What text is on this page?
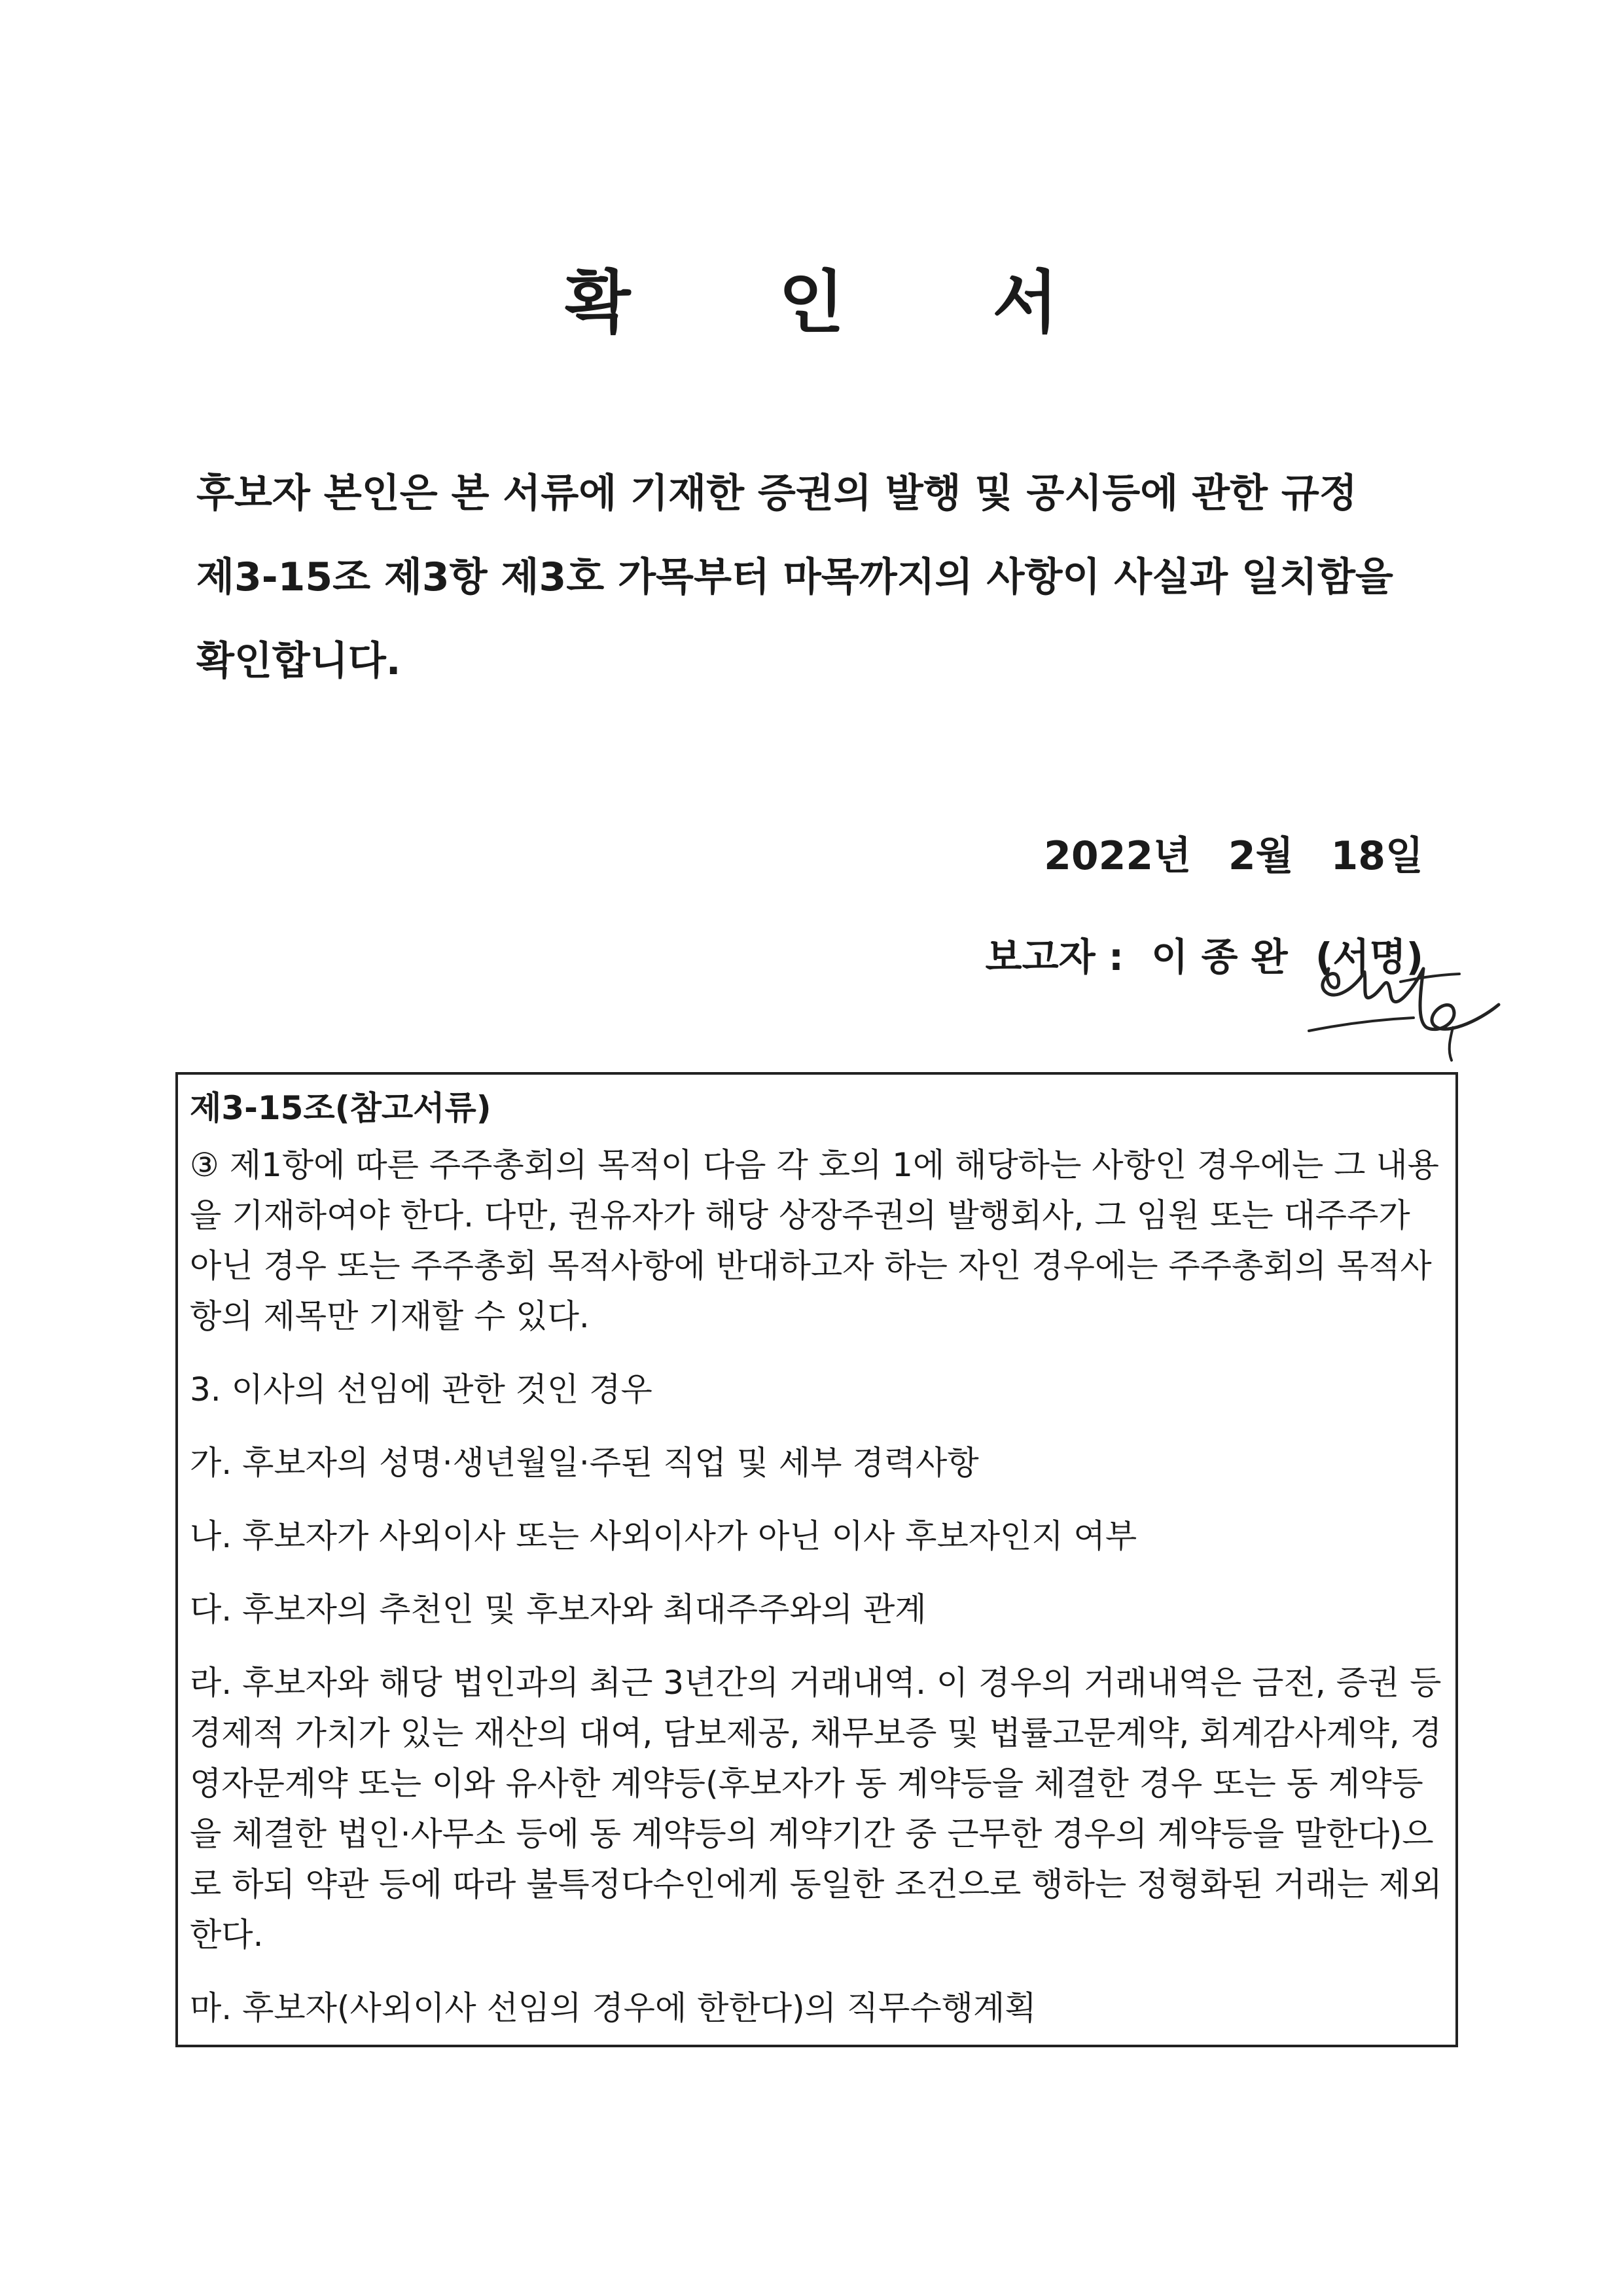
확 인 서
후보자 본인은 본 서류에 기재한 증권의 발행 및 공시등에 관한 규정
제3-15조 제3항 제3호 가목부터 마목까지의 사항이 사실과 일치함을
확인합니다.
2022년 2월 18일
보고자 : 이 종 완 (서명)
제3-15조(참고서류)
③ 제1항에 따른 주주총회의 목적이 다음 각 호의 1에 해당하는 사항인 경우에는 그 내용
을 기재하여야 한다. 다만, 권유자가 해당 상장주권의 발행회사, 그 임원 또는 대주주가
아닌 경우 또는 주주총회 목적사항에 반대하고자 하는 자인 경우에는 주주총회의 목적사
항의 제목만 기재할 수 있다.
3. 이사의 선임에 관한 것인 경우
가. 후보자의 성명·생년월일·주된 직업 및 세부 경력사항
나. 후보자가 사외이사 또는 사외이사가 아닌 이사 후보자인지 여부
다. 후보자의 추천인 및 후보자와 최대주주와의 관계
라. 후보자와 해당 법인과의 최근 3년간의 거래내역. 이 경우의 거래내역은 금전, 증권 등
경제적 가치가 있는 재산의 대여, 담보제공, 채무보증 및 법률고문계약, 회계감사계약, 경
영자문계약 또는 이와 유사한 계약등(후보자가 동 계약등을 체결한 경우 또는 동 계약등
을 체결한 법인·사무소 등에 동 계약등의 계약기간 중 근무한 경우의 계약등을 말한다)으
로 하되 약관 등에 따라 불특정다수인에게 동일한 조건으로 행하는 정형화된 거래는 제외
한다.
마. 후보자(사외이사 선임의 경우에 한한다)의 직무수행계획
